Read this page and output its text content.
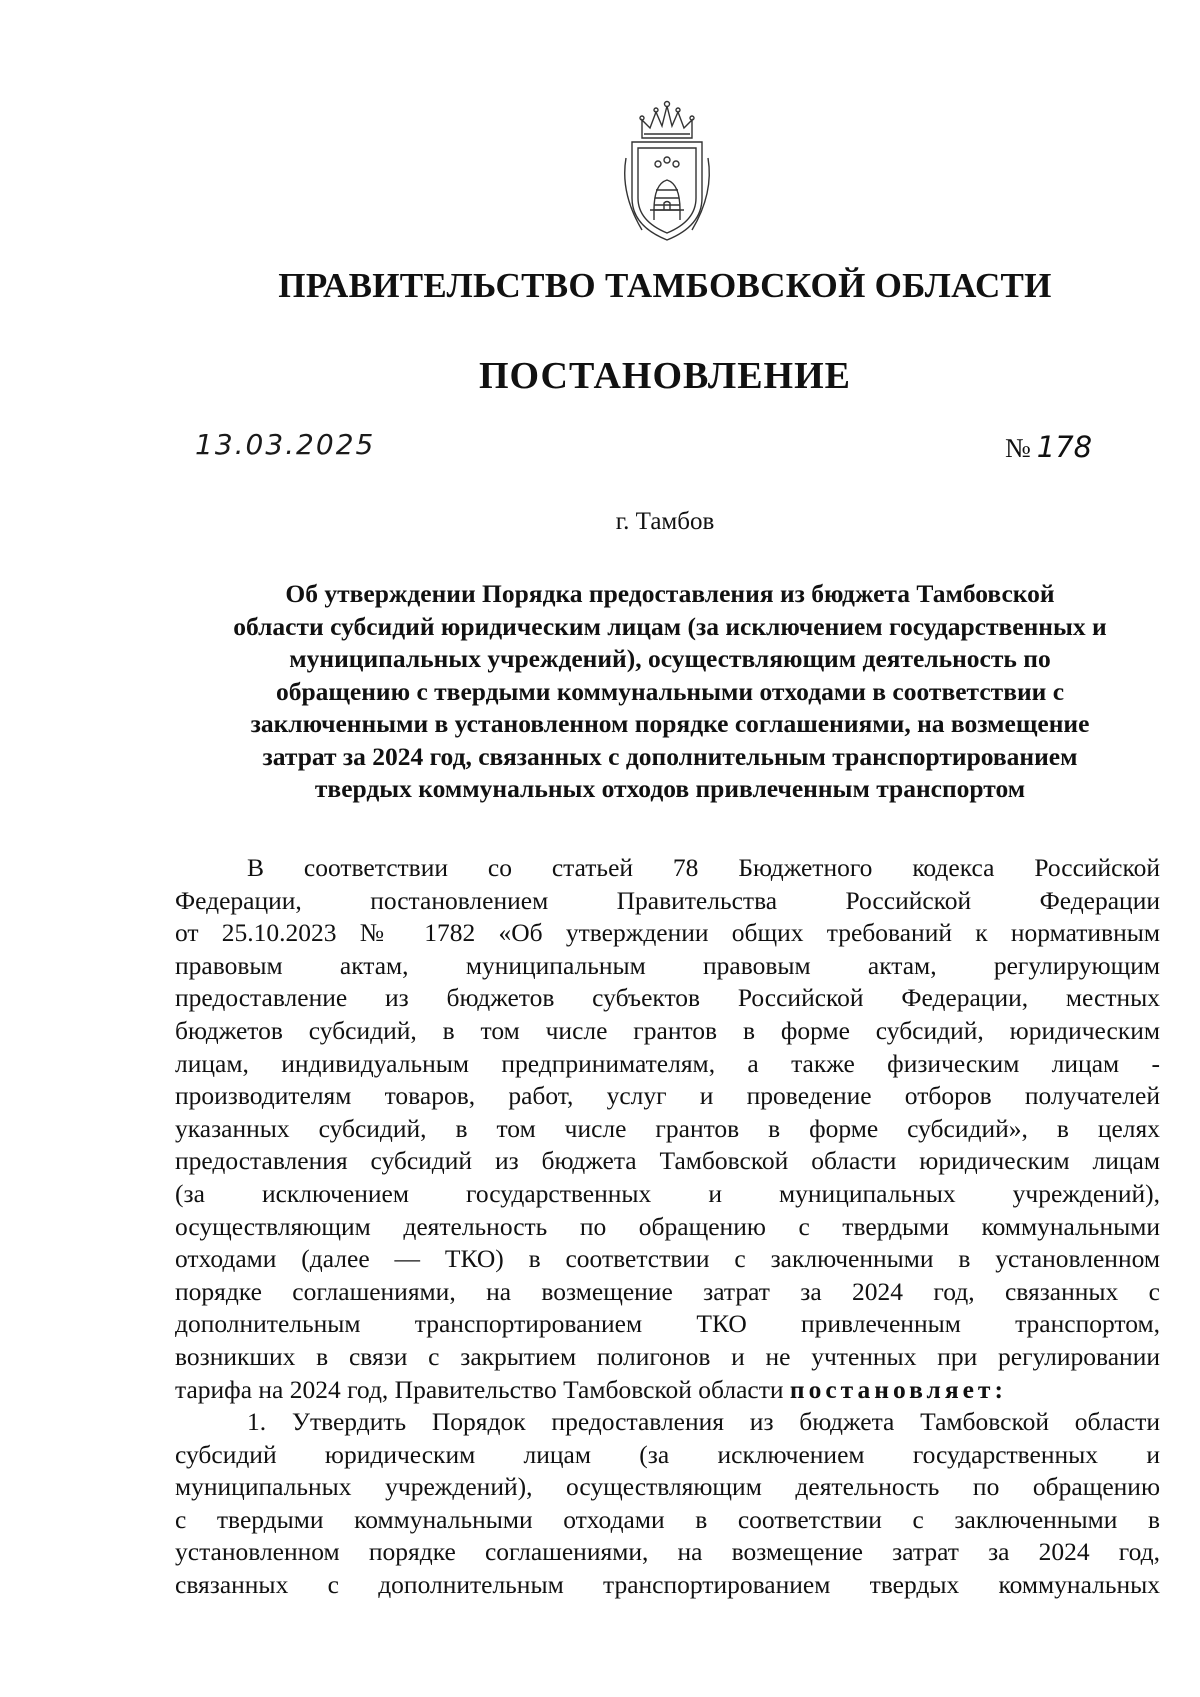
ПРАВИТЕЛЬСТВО ТАМБОВСКОЙ ОБЛАСТИ
ПОСТАНОВЛЕНИЕ
13.03.2025	№ 178
г. Тамбов
Об утверждении Порядка предоставления из бюджета Тамбовской
области субсидий юридическим лицам (за исключением государственных и
муниципальных учреждений), осуществляющим деятельность по
обращению с твердыми коммунальными отходами в соответствии с
заключенными в установленном порядке соглашениями, на возмещение
затрат за 2024 год, связанных с дополнительным транспортированием
твердых коммунальных отходов привлеченным транспортом
В соответствии со статьей 78 Бюджетного кодекса Российской
Федерации, постановлением Правительства Российской Федерации
от 25.10.2023 № 1782 «Об утверждении общих требований к нормативным
правовым актам, муниципальным правовым актам, регулирующим
предоставление из бюджетов субъектов Российской Федерации, местных
бюджетов субсидий, в том числе грантов в форме субсидий, юридическим
лицам, индивидуальным предпринимателям, а также физическим лицам -
производителям товаров, работ, услуг и проведение отборов получателей
указанных субсидий, в том числе грантов в форме субсидий», в целях
предоставления субсидий из бюджета Тамбовской области юридическим лицам
(за исключением государственных и муниципальных учреждений),
осуществляющим деятельность по обращению с твердыми коммунальными
отходами (далее — ТКО) в соответствии с заключенными в установленном
порядке соглашениями, на возмещение затрат за 2024 год, связанных с
дополнительным транспортированием ТКО привлеченным транспортом,
возникших в связи с закрытием полигонов и не учтенных при регулировании
тарифа на 2024 год, Правительство Тамбовской области постановляет:
1. Утвердить Порядок предоставления из бюджета Тамбовской области
субсидий юридическим лицам (за исключением государственных и
муниципальных учреждений), осуществляющим деятельность по обращению
с твердыми коммунальными отходами в соответствии с заключенными в
установленном порядке соглашениями, на возмещение затрат за 2024 год,
связанных с дополнительным транспортированием твердых коммунальных
